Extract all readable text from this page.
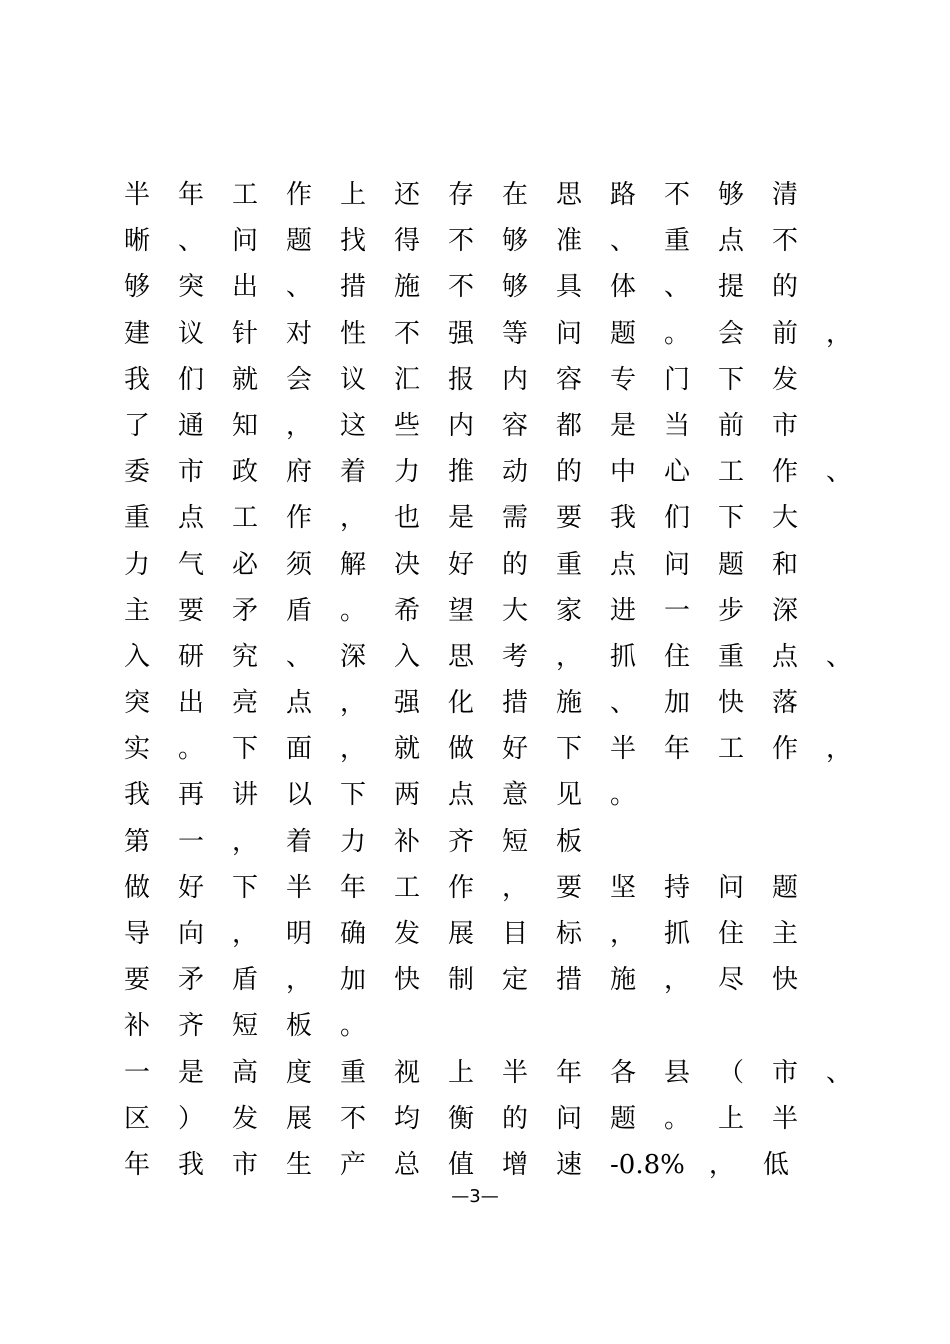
半 年 工 作 上 还 存 在 思 路 不 够 清
晰 、 问 题 找 得 不 够 准 、 重 点 不
够 突 出 、 措 施 不 够 具 体 、 提 的
建 议 针 对 性 不 强 等 问 题 。 会 前 ，
我 们 就 会 议 汇 报 内 容 专 门 下 发
了 通 知 ， 这 些 内 容 都 是 当 前 市
委 市 政 府 着 力 推 动 的 中 心 工 作 、
重 点 工 作 ， 也 是 需 要 我 们 下 大
力 气 必 须 解 决 好 的 重 点 问 题 和
主 要 矛 盾 。 希 望 大 家 进 一 步 深
入 研 究 、 深 入 思 考 ， 抓 住 重 点 、
突 出 亮 点 ， 强 化 措 施 、 加 快 落
实 。 下 面 ， 就 做 好 下 半 年 工 作 ，
我 再 讲 以 下 两 点 意 见 。
第 一 ， 着 力 补 齐 短 板
做 好 下 半 年 工 作 ， 要 坚 持 问 题
导 向 ， 明 确 发 展 目 标 ， 抓 住 主
要 矛 盾 ， 加 快 制 定 措 施 ， 尽 快
补 齐 短 板 。
一 是 高 度 重 视 上 半 年 各 县 （ 市 、
区 ） 发 展 不 均 衡 的 问 题 。 上 半
年 我 市 生 产 总 值 增 速 -0.8% ， 低
—3—
